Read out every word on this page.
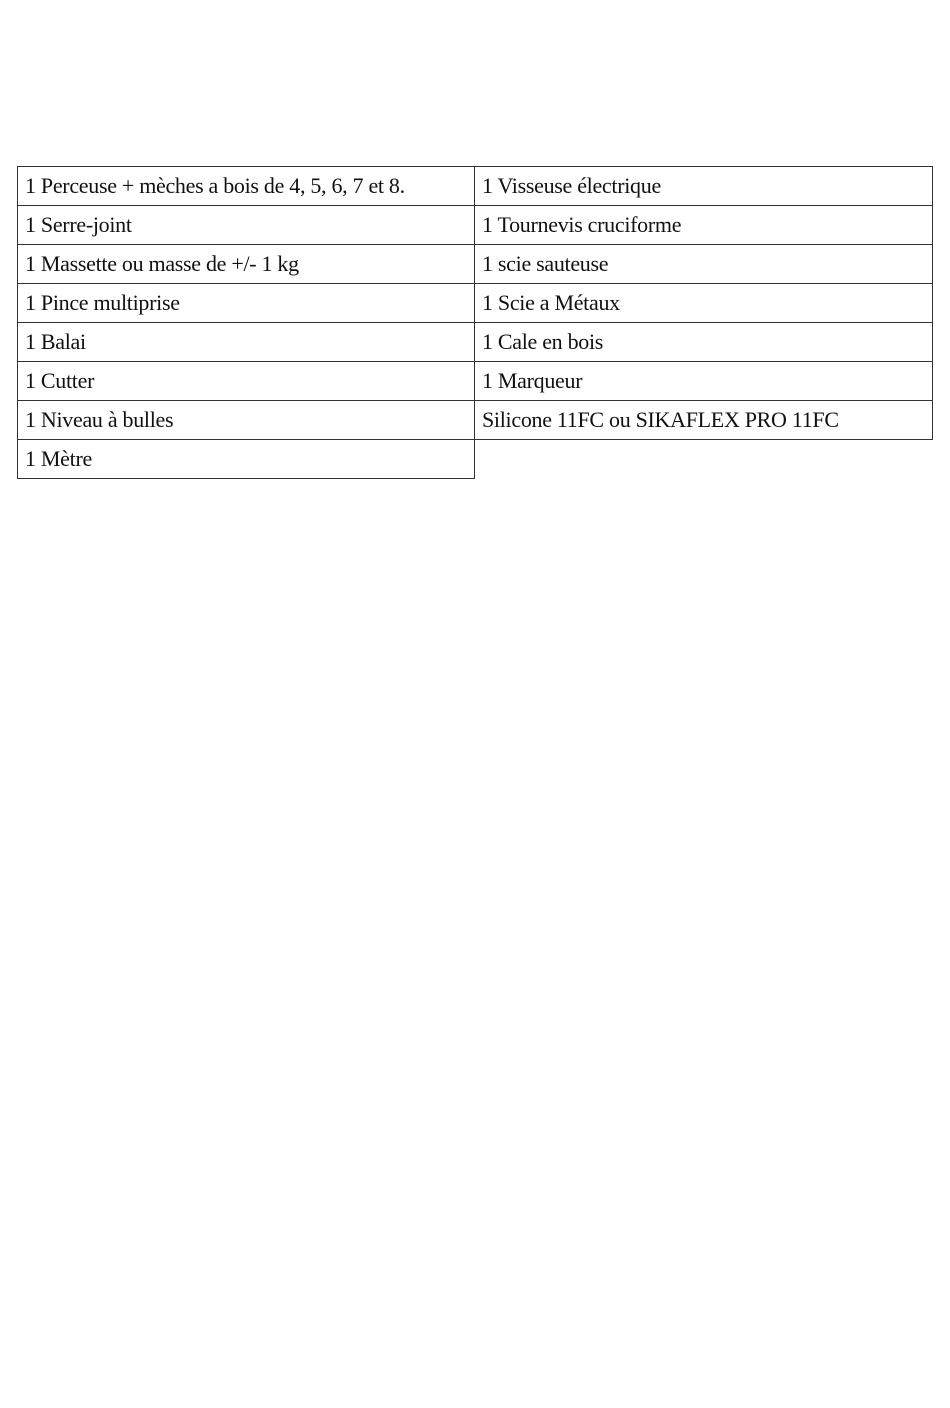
1 Perceuse + mèches a bois de 4, 5, 6, 7 et 8.	1 Visseuse électrique
1 Serre-joint	1 Tournevis cruciforme
1 Massette ou masse de +/- 1 kg	1 scie sauteuse
1 Pince multiprise	1 Scie a Métaux
1 Balai	1 Cale en bois
1 Cutter	1 Marqueur
1 Niveau à bulles	Silicone 11FC ou SIKAFLEX PRO 11FC
1 Mètre	
